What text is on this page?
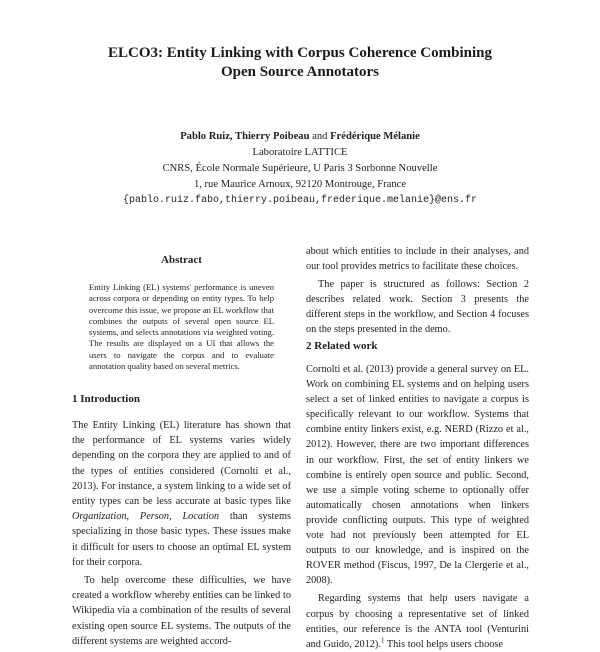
ELCO3: Entity Linking with Corpus Coherence Combining
Open Source Annotators
Pablo Ruiz, Thierry Poibeau and Frédérique Mélanie
Laboratoire LATTICE
CNRS, École Normale Supérieure, U Paris 3 Sorbonne Nouvelle
1, rue Maurice Arnoux, 92120 Montrouge, France
{pablo.ruiz.fabo,thierry.poibeau,frederique.melanie}@ens.fr
Abstract
Entity Linking (EL) systems' performance is uneven across corpora or depending on entity types. To help overcome this issue, we propose an EL workflow that combines the outputs of several open source EL systems, and selects annotations via weighted voting. The results are displayed on a UI that allows the users to navigate the corpus and to evaluate annotation quality based on several metrics.
1 Introduction

The Entity Linking (EL) literature has shown that the performance of EL systems varies widely depending on the corpora they are applied to and of the types of entities considered (Cornolti et al., 2013). For instance, a system linking to a wide set of entity types can be less accurate at basic types like Organization, Person, Location than systems specializing in those basic types. These issues make it difficult for users to choose an optimal EL system for their corpora.

To help overcome these difficulties, we have created a workflow whereby entities can be linked to Wikipedia via a combination of the results of several existing open source EL systems. The outputs of the different systems are weighted accord-

about which entities to include in their analyses, and our tool provides metrics to facilitate these choices.

The paper is structured as follows: Section 2 describes related work. Section 3 presents the different steps in the workflow, and Section 4 focuses on the steps presented in the demo.

2 Related work

Cornolti et al. (2013) provide a general survey on EL. Work on combining EL systems and on helping users select a set of linked entities to navigate a corpus is specifically relevant to our workflow. Systems that combine entity linkers exist, e.g. NERD (Rizzo et al., 2012). However, there are two important differences in our workflow. First, the set of entity linkers we combine is entirely open source and public. Second, we use a simple voting scheme to optionally offer automatically chosen annotations when linkers provide conflicting outputs. This type of weighted vote had not previously been attempted for EL outputs to our knowledge, and is inspired on the ROVER method (Fiscus, 1997, De la Clergerie et al., 2008).

Regarding systems that help users navigate a corpus by choosing a representative set of linked entities, our reference is the ANTA tool (Venturini and Guido, 2012).$^1$ This tool helps users choose
